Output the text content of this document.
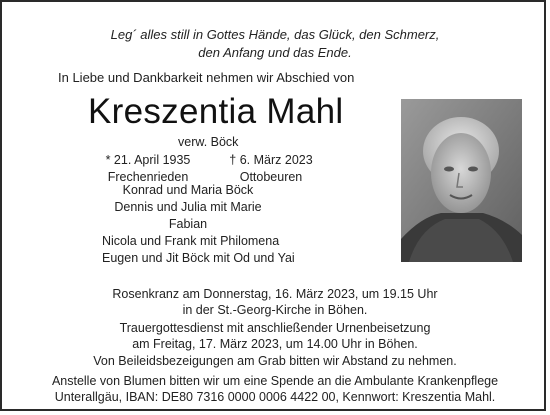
Leg´ alles still in Gottes Hände, das Glück, den Schmerz,
den Anfang und das Ende.
In Liebe und Dankbarkeit nehmen wir Abschied von
Kreszentia Mahl
verw. Böck
* 21. April 1935
Frechenrieden
† 6. März 2023
Ottobeuren
Konrad und Maria Böck
Dennis und Julia mit Marie
Fabian
Nicola und Frank mit Philomena
Eugen und Jit Böck mit Od und Yai
Rosenkranz am Donnerstag, 16. März 2023, um 19.15 Uhr
in der St.-Georg-Kirche in Böhen.
Trauergottesdienst mit anschließender Urnenbeisetzung
am Freitag, 17. März 2023, um 14.00 Uhr in Böhen.
Von Beileidsbezeigungen am Grab bitten wir Abstand zu nehmen.
Anstelle von Blumen bitten wir um eine Spende an die Ambulante Krankenpflege
Unterallgäu, IBAN: DE80 7316 0000 0006 4422 00, Kennwort: Kreszentia Mahl.
